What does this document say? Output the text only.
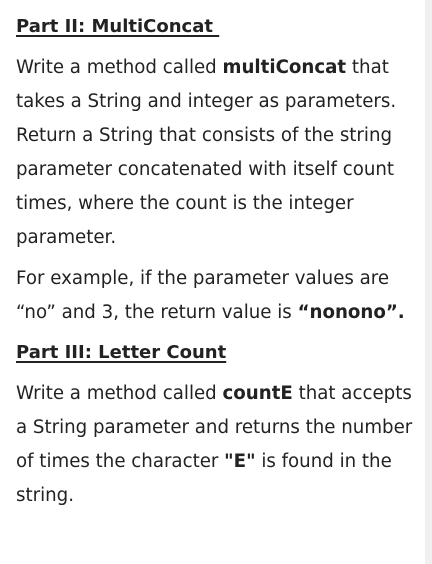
Part II: MultiConcat

Write a method called multiConcat that takes a String and integer as parameters. Return a String that consists of the string parameter concatenated with itself count times, where the count is the integer parameter.

For example, if the parameter values are “no” and 3, the return value is “nonono”.

Part III: Letter Count

Write a method called countE that accepts a String parameter and returns the number of times the character "E" is found in the string.
